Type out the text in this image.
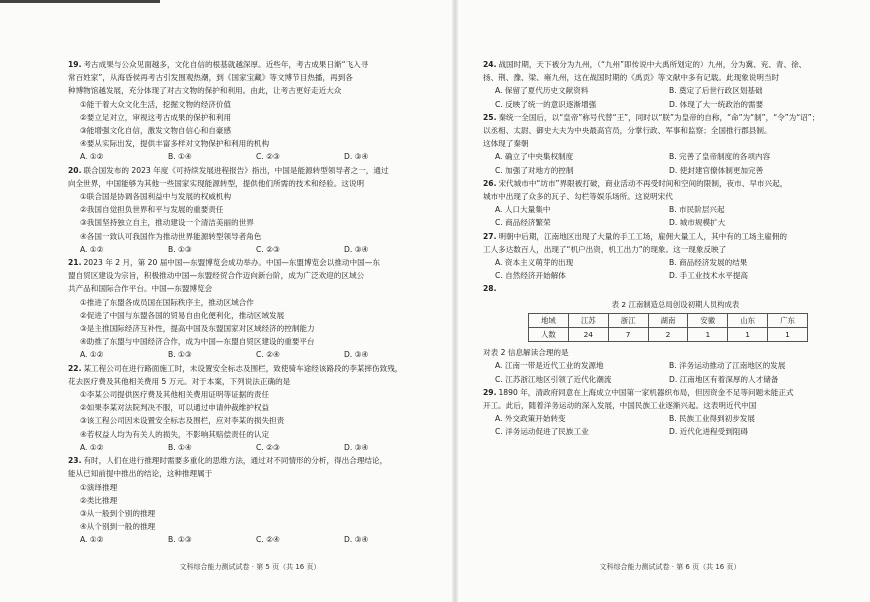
19. 考古成果与公众见面越多，文化自信的根基就越深厚。近些年，考古成果日渐“飞入寻

常百姓家”，从海昏侯再考古引发围观热潮，到《国家宝藏》等文博节目热播，再到各

种博物馆越发展，充分体现了对古文物的保护和利用。由此，让考古更好走近大众

①能干着大众文化生活，挖掘文物的经济价值

②要立足对立，审视这考古成果的保护和利用

③能增强文化自信，激发文物自信心和自豪感

④要从实际出发，提供丰富多样对文物保护和利用的机构

A. ①②	B. ①④	C. ②③	D. ③④

20. 联合国发布的 2023 年度《可持续发展进程报告》指出，中国是能源转型领导者之一，通过

向全世界，中国能够为其他一些国家实现能源转型，提供他们所需的技术和经验。这说明

①联合国是协调各国利益中与发展的权威机构

②我国自觉担负世界和平与发展的重要责任

③我国坚持独立自主，推动建设一个清洁美丽的世界

④各国一致认可我国作为推动世界能源转型领导者角色

A. ①②	B. ①③	C. ②③	D. ③④

21. 2023 年 2 月，第 20 届中国—东盟博览会成功举办。中国—东盟博览会以推动中国—东

盟自贸区建设为宗旨，积极推动中国—东盟经贸合作迈向新台阶，成为广泛欢迎的区域公

共产品和国际合作平台。中国—东盟博览会

①推进了东盟各成员国在国际秩序主，推动区域合作

②促进了中国与东盟各国的贸易自由化便利化，推动区域发展

③是主推国际经济互补性，提高中国及东盟国家对区域经济的控制能力

④助推了东盟与中国经济合作，成为中国—东盟自贸区建设的重要平台

A. ①②	B. ①③	C. ②④	D. ③④

22. 某工程公司在进行路面施工时，未设置安全标志及围栏，致使骑车途经该路段的李某摔伤致残，

花去医疗费及其他相关费用 5 万元。对于本案，下列说法正确的是

①李某公司提供医疗费及其他相关费用证明等证据的责任

②如果李某对法院判决不服，可以通过申请仲裁维护权益

③该工程公司因未设置安全标志及围栏，应对李某的损失担责

④若权益人均为有关人的损失，不影响其赔偿责任的认定

A. ①②	B. ①④	C. ②③	D. ③④

23. 有时，人们在进行推理时需要多重化的思维方法，通过对不同情形的分析，得出合理结论，

能从已知前提中推出的结论，这种推理属于

①演绎推理

②类比推理

③从一般到个别的推理

④从个别到一般的推理

A. ①②	B. ①③	C. ②④	D. ③④

24. 战国时期，天下被分为九州，（“九州”即传说中大禹所划定的）九州，分为冀、兖、青、徐、

扬、荆、豫、梁、雍九州，这在战国时期的《禹贡》等文献中多有记载。此现象说明当时

A. 保留了夏代历史文献资料	B. 奠定了后世行政区划基础
C. 反映了统一的意识逐渐增强	D. 体现了大一统政治的需要

25. 秦统一全国后，以“皇帝”称号代替“王”，同时以“朕”为皇帝的自称，“命”为“制”，“令”为“诏”；

以丞相、太尉、御史大夫为中央最高官员，分掌行政、军事和监察；全国推行郡县制。

这体现了秦朝

A. 确立了中央集权制度	B. 完善了皇帝制度的各项内容
C. 加强了对地方的控制	D. 使封建官僚体制更加完善

26. 宋代城市中“坊市”界限被打破，商业活动不再受时间和空间的限制，夜市、早市兴起，

城市中出现了众多的瓦子、勾栏等娱乐场所。这说明宋代

A. 人口大量集中	B. 市民阶层兴起
C. 商品经济繁荣	D. 城市规模扩大

27. 明朝中后期，江南地区出现了大量的手工工场，雇佣大量工人，其中有的工场主雇佣的

工人多达数百人，出现了“机户出资，机工出力”的现象。这一现象反映了

A. 资本主义萌芽的出现	B. 商品经济发展的结果
C. 自然经济开始解体	D. 手工业技术水平提高
28.
表 2 江南制造总局创设初期人员构成表
地域	江苏	浙江	湖南	安徽	山东	广东
人数	24	7	2	1	1	1

对表 2 信息解读合理的是

A. 江南一带是近代工业的发源地	B. 洋务运动推动了江南地区的发展
C. 江苏浙江地区引领了近代化潮流	D. 江南地区有着深厚的人才储备

29. 1890 年，清政府同意在上海成立中国第一家机器织布局，但因资金不足等问题未能正式

开工。此后，随着洋务运动的深入发展，中国民族工业逐渐兴起。这表明近代中国

A. 外交政策开始转变	B. 民族工业得到初步发展
C. 洋务运动促进了民族工业	D. 近代化进程受到阻碍
文科综合能力测试试卷 · 第 5 页（共 16 页）	文科综合能力测试试卷 · 第 6 页（共 16 页）
